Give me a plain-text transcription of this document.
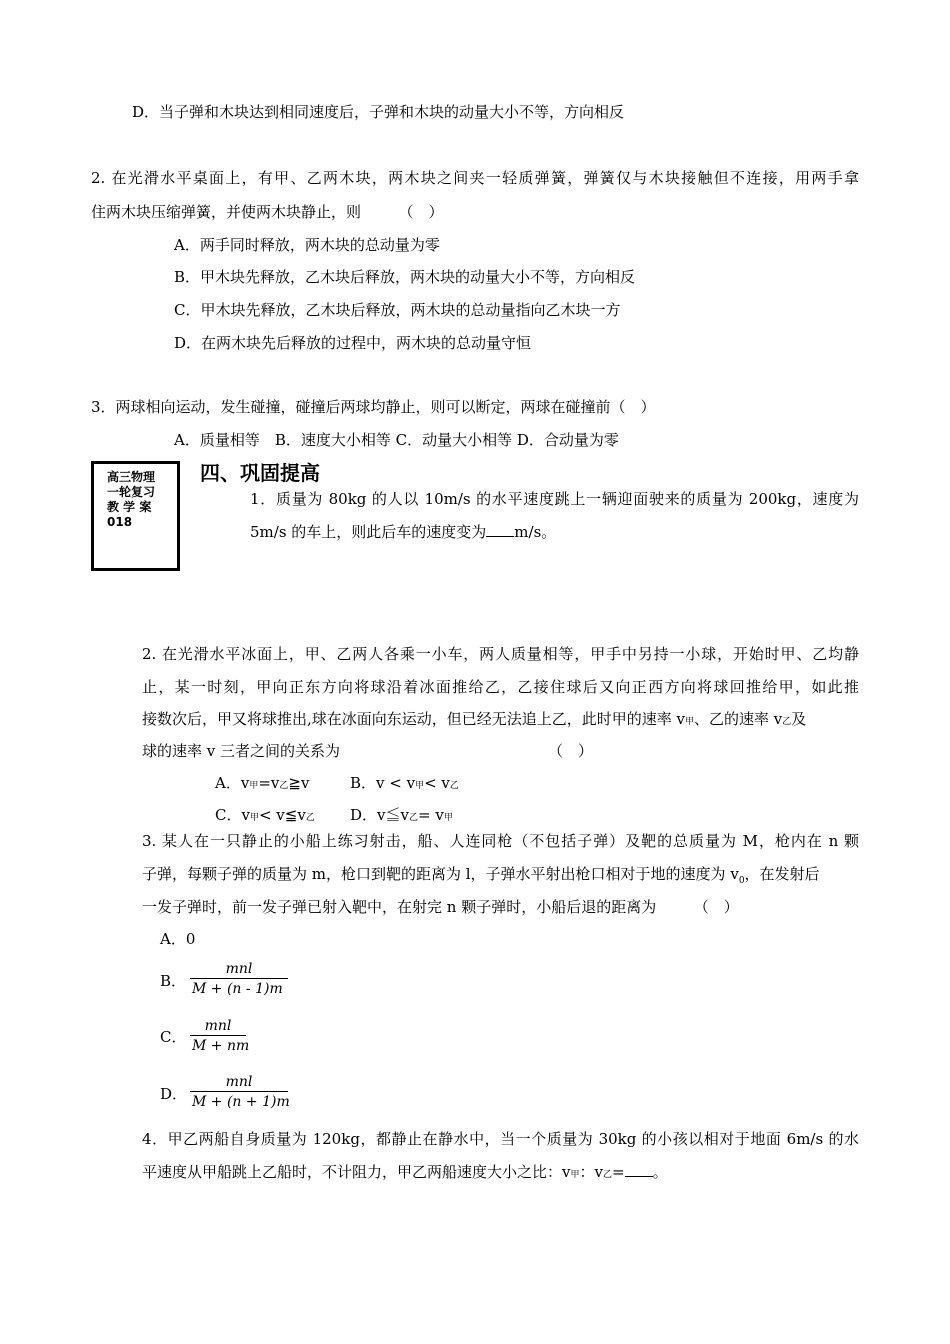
D．当子弹和木块达到相同速度后，子弹和木块的动量大小不等，方向相反
2. 在光滑水平桌面上，有甲、乙两木块，两木块之间夹一轻质弹簧，弹簧仅与木块接触但不连接，用两手拿
住两木块压缩弹簧，并使两木块静止，则　　　（　）
A．两手同时释放，两木块的总动量为零
B．甲木块先释放，乙木块后释放，两木块的动量大小不等，方向相反
C．甲木块先释放，乙木块后释放，两木块的总动量指向乙木块一方
D．在两木块先后释放的过程中，两木块的总动量守恒
3．两球相向运动，发生碰撞，碰撞后两球均静止，则可以断定，两球在碰撞前（　）
A．质量相等　B．速度大小相等 C．动量大小相等 D．合动量为零
高三物理
一轮复习
教 学 案
018
四、巩固提高
1．质量为 80kg 的人以 10m/s 的水平速度跳上一辆迎面驶来的质量为 200kg，速度为
5m/s 的车上，则此后车的速度变为 m/s。
2. 在光滑水平冰面上，甲、乙两人各乘一小车，两人质量相等，甲手中另持一小球，开始时甲、乙均静
止，某一时刻，甲向正东方向将球沿着冰面推给乙，乙接住球后又向正西方向将球回推给甲，如此推
接数次后，甲又将球推出,球在冰面向东运动，但已经无法追上乙，此时甲的速率 v甲、乙的速率 v乙及
球的速率 v 三者之间的关系为	（　）
A．v甲=v乙≧v	B．v < v甲< v乙
C．v甲< v≦v乙 D．v≦v乙= v甲
3. 某人在一只静止的小船上练习射击，船、人连同枪（不包括子弹）及靶的总质量为 M，枪内在 n 颗
子弹，每颗子弹的质量为 m，枪口到靶的距离为 l，子弹水平射出枪口相对于地的速度为 $v_0$，在发射后
一发子弹时，前一发子弹已射入靶中，在射完 n 颗子弹时，小船后退的距离为　　　（　）
A．0
B．
mnl
M + (n - 1)m
C．
mnl
M + nm
D．
mnl
M + (n + 1)m
4．甲乙两船自身质量为 120kg，都静止在静水中，当一个质量为 30kg 的小孩以相对于地面 6m/s 的水
平速度从甲船跳上乙船时，不计阻力，甲乙两船速度大小之比：v甲：v乙= 。
